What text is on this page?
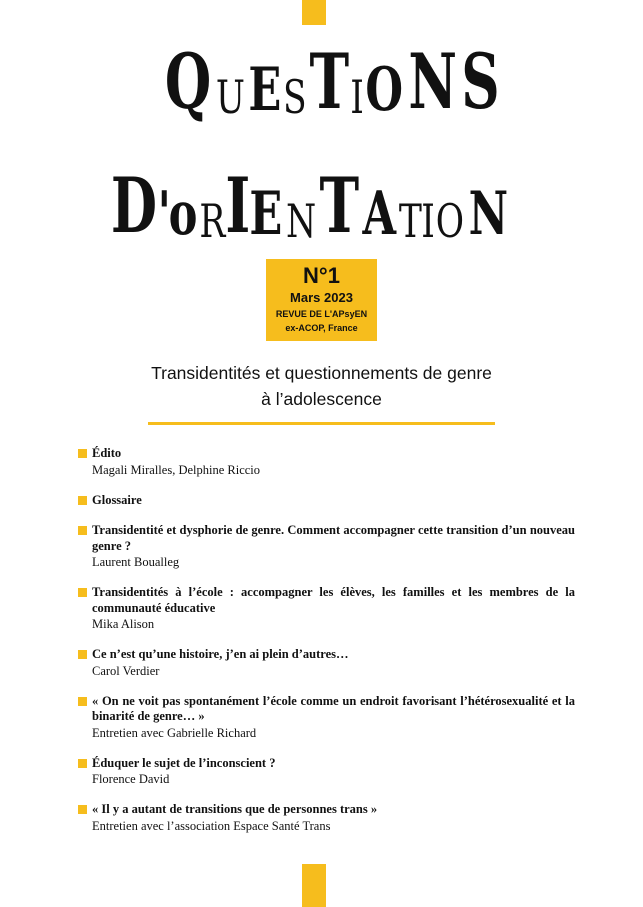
Q UESTIONS
D'oRIENTATION
N°1
Mars 2023
REVUE DE L'APsyEN
ex-ACOP, France
Transidentités et questionnements de genre
à l’adolescence
Édito
Magali Miralles, Delphine Riccio
Glossaire
Transidentité et dysphorie de genre. Comment accompagner cette transition d’un nouveau genre ?
Laurent Boualleg
Transidentités à l’école : accompagner les élèves, les familles et les membres de la communauté éducative
Mika Alison
Ce n’est qu’une histoire, j’en ai plein d’autres…
Carol Verdier
« On ne voit pas spontanément l’école comme un endroit favorisant l’hétérosexualité et la binarité de genre… »
Entretien avec Gabrielle Richard
Éduquer le sujet de l’inconscient ?
Florence David
« Il y a autant de transitions que de personnes trans »
Entretien avec l’association Espace Santé Trans
